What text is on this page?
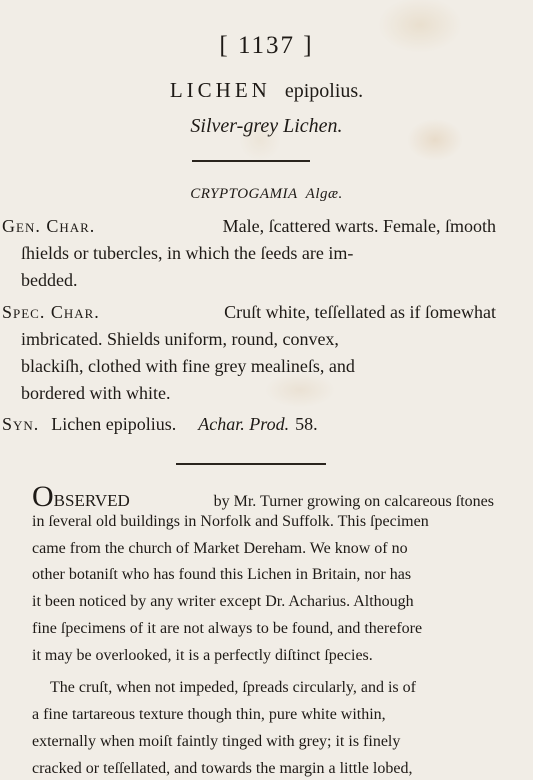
[ 1137 ]
LICHEN epipolius.
Silver-grey Lichen.
CRYPTOGAMIA Algæ.
Gen. Char.	Male, ſcattered warts. Female, ſmooth
ſhields or tubercles, in which the ſeeds are im-
bedded.
Spec. Char.	Cruſt white, teſſellated as if ſomewhat
imbricated. Shields uniform, round, convex,
blackiſh, clothed with fine grey mealineſs, and
bordered with white.
Syn. Lichen epipolius. Achar. Prod. 58.
OBSERVED	by Mr. Turner growing on calcareous ſtones
in ſeveral old buildings in Norfolk and Suffolk. This ſpecimen
came from the church of Market Dereham. We know of no
other botaniſt who has found this Lichen in Britain, nor has
it been noticed by any writer except Dr. Acharius. Although
fine ſpecimens of it are not always to be found, and therefore
it may be overlooked, it is a perfectly diſtinct ſpecies.
The cruſt, when not impeded, ſpreads circularly, and is of
a fine tartareous texture though thin, pure white within,
externally when moiſt faintly tinged with grey; it is finely
cracked or teſſellated, and towards the margin a little lobed,
